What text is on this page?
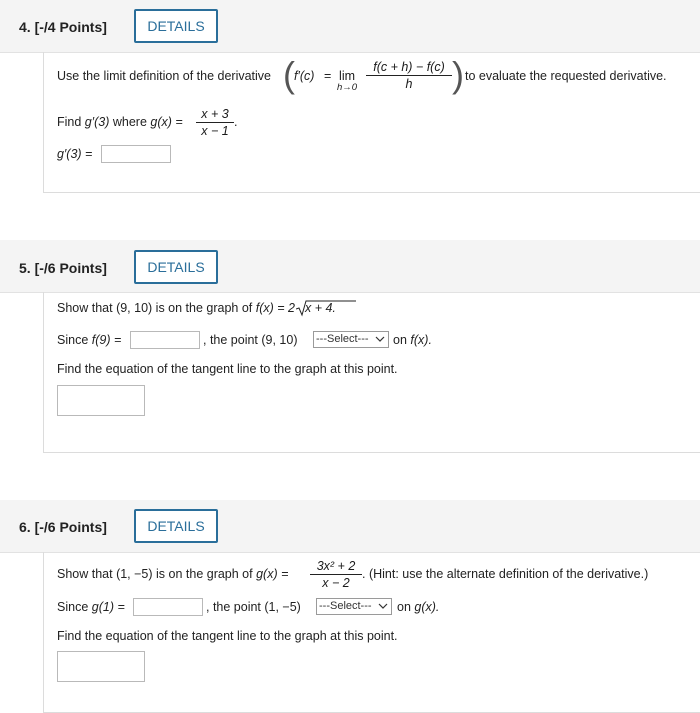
4. [-/4 Points]	DETAILS
Use the limit definition of the derivative ( f′(c) = lim
$h\to 0 \frac{f(c + h) - f(c)}{h}$ ) to evaluate the requested derivative.
Find g′(3) where $g(x) = \frac{x + 3}{x - 1}$ .
g′(3) =
5. [-/6 Points]	DETAILS
Show that (9, 10) is on the graph of f(x) = 2 x + 4.
Since f(9) =	, the point (9, 10) ---Select---	on f(x).
Find the equation of the tangent line to the graph at this point.
6. [-/6 Points]	DETAILS
Show that (1, −5) is on the graph of $g(x) = \frac{\text{3x² + 2}}{x - 2}$ . (Hint: use the alternate definition of the derivative.)
Since g(1) =	, the point (1, −5) ---Select---	on g(x).
Find the equation of the tangent line to the graph at this point.
